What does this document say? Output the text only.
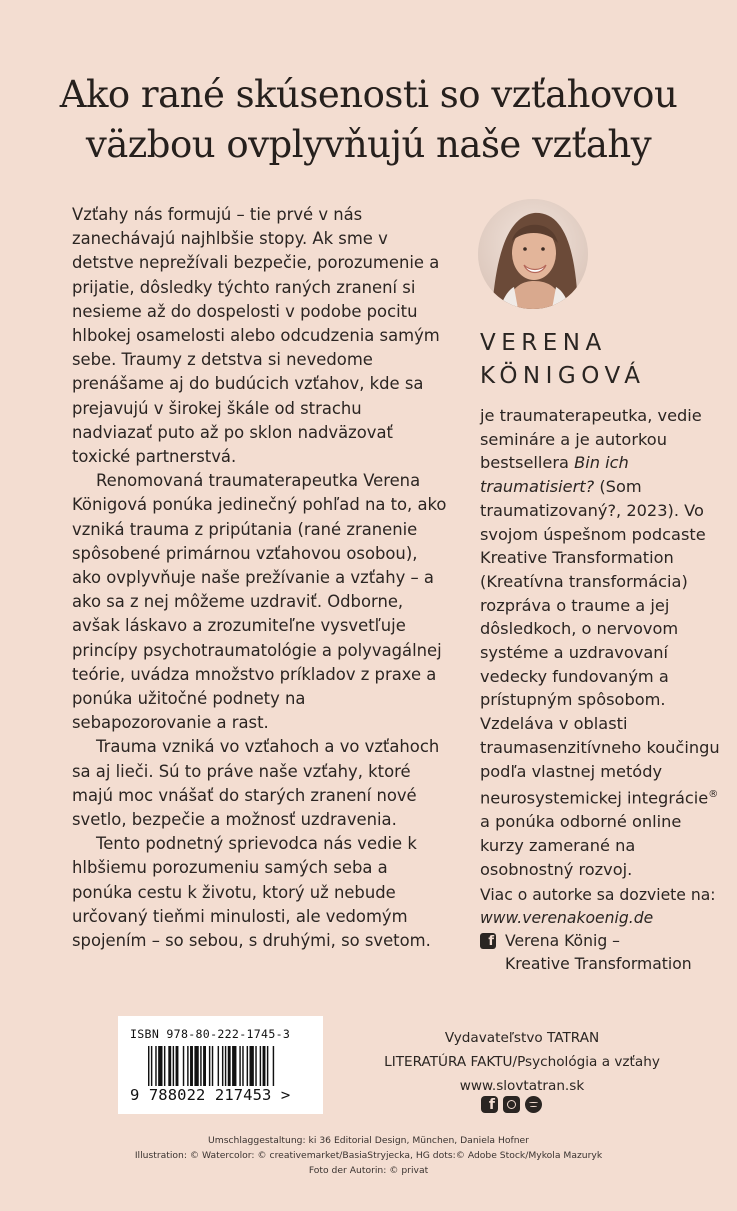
Ako rané skúsenosti so vzťahovou
väzbou ovplyvňujú naše vzťahy

Vzťahy nás formujú – tie prvé v nás zanechávajú najhlbšie stopy. Ak sme v detstve neprežívali bezpečie, porozumenie a prijatie, dôsledky týchto raných zranení si nesieme až do dospelosti v podobe pocitu hlbokej osamelosti alebo odcudzenia samým sebe. Traumy z detstva si nevedome prenášame aj do budúcich vzťahov, kde sa prejavujú v širokej škále od strachu nadviazať puto až po sklon nadväzovať toxické partnerstvá.

Renomovaná traumaterapeutka Verena Königová ponúka jedinečný pohľad na to, ako vzniká trauma z pripútania (rané zranenie spôsobené primárnou vzťahovou osobou), ako ovplyvňuje naše prežívanie a vzťahy – a ako sa z nej môžeme uzdraviť. Odborne, avšak láskavo a zrozumiteľne vysvetľuje princípy psychotraumatológie a polyvagálnej teórie, uvádza množstvo príkladov z praxe a ponúka užitočné podnety na sebapozorovanie a rast.

Trauma vzniká vo vzťahoch a vo vzťahoch sa aj lieči. Sú to práve naše vzťahy, ktoré majú moc vnášať do starých zranení nové svetlo, bezpečie a možnosť uzdravenia.

Tento podnetný sprievodca nás vedie k hlbšiemu porozumeniu samých seba a ponúka cestu k životu, ktorý už nebude určovaný tieňmi minulosti, ale vedomým spojením – so sebou, s druhými, so svetom.

VERENA
KÖNIGOVÁ

je traumaterapeutka, vedie semináre a je autorkou bestsellera Bin ich traumatisiert? (Som traumatizovaný?, 2023). Vo svojom úspešnom podcaste Kreative Transformation (Kreatívna transformácia) rozpráva o traume a jej dôsledkoch, o nervovom systéme a uzdravovaní vedecky fundovaným a prístupným spôsobom. Vzdeláva v oblasti traumasenzitívneho koučingu podľa vlastnej metódy neurosystemickej integrácie® a ponúka odborné online kurzy zamerané na osobnostný rozvoj.

Viac o autorke sa dozviete na:

www.verenakoenig.de

f Verena König –
Kreative Transformation

ISBN 978-80-222-1745-3
9 788022 217453 >
Vydavateľstvo TATRAN
LITERATÚRA FAKTU/Psychológia a vzťahy
www.slovtatran.sk
f
Umschlaggestaltung: ki 36 Editorial Design, München, Daniela Hofner
Illustration: © Watercolor: © creativemarket/BasiaStryjecka, HG dots:© Adobe Stock/Mykola Mazuryk
Foto der Autorin: © privat
